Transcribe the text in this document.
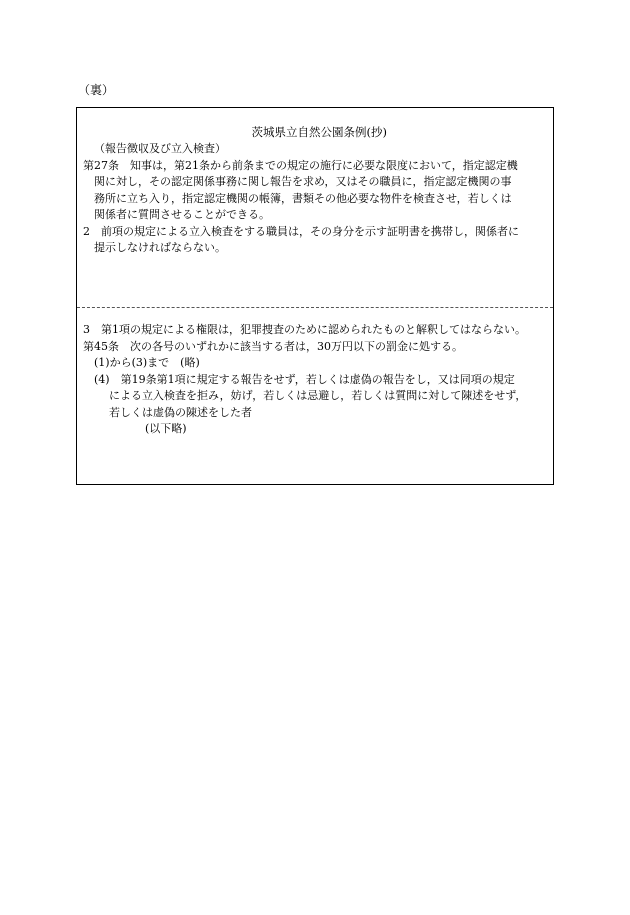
（裏）
茨城県立自然公園条例(抄)
（報告徴収及び立入検査）
第27条　知事は，第21条から前条までの規定の施行に必要な限度において，指定認定機
関に対し，その認定関係事務に関し報告を求め，又はその職員に，指定認定機関の事
務所に立ち入り，指定認定機関の帳簿，書類その他必要な物件を検査させ，若しくは
関係者に質問させることができる。
2　前項の規定による立入検査をする職員は，その身分を示す証明書を携帯し，関係者に
提示しなければならない。
3　第1項の規定による権限は，犯罪捜査のために認められたものと解釈してはならない。
第45条　次の各号のいずれかに該当する者は，30万円以下の罰金に処する。
(1)から(3)まで　(略)
(4)　第19条第1項に規定する報告をせず，若しくは虚偽の報告をし，又は同項の規定
による立入検査を拒み，妨げ，若しくは忌避し，若しくは質問に対して陳述をせず，
若しくは虚偽の陳述をした者
(以下略)
